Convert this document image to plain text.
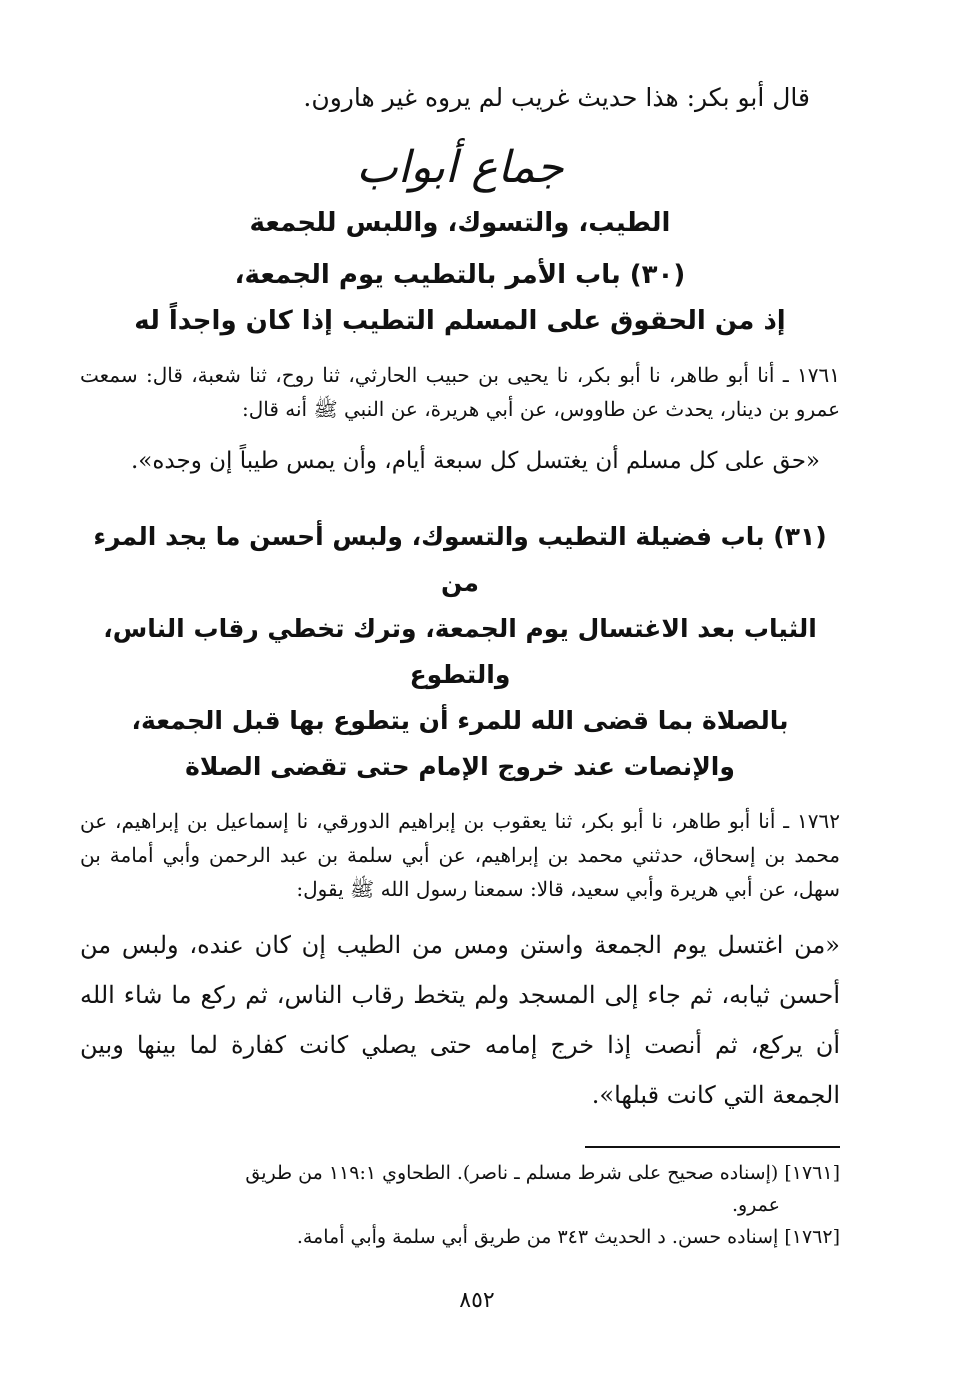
قال أبو بكر: هذا حديث غريب لم يروه غير هارون.
جماع أبواب
الطيب، والتسوك، واللبس للجمعة
(٣٠) باب الأمر بالتطيب يوم الجمعة،
إذ من الحقوق على المسلم التطيب إذا كان واجداً له
١٧٦١ ـ أنا أبو طاهر، نا أبو بكر، نا يحيى بن حبيب الحارثي، ثنا روح، ثنا شعبة، قال: سمعت عمرو بن دينار، يحدث عن طاووس، عن أبي هريرة، عن النبي ﷺ أنه قال:
«حق على كل مسلم أن يغتسل كل سبعة أيام، وأن يمس طيباً إن وجده».
(٣١) باب فضيلة التطيب والتسوك، ولبس أحسن ما يجد المرء من
الثياب بعد الاغتسال يوم الجمعة، وترك تخطي رقاب الناس، والتطوع
بالصلاة بما قضى الله للمرء أن يتطوع بها قبل الجمعة،
والإنصات عند خروج الإمام حتى تقضى الصلاة
١٧٦٢ ـ أنا أبو طاهر، نا أبو بكر، ثنا يعقوب بن إبراهيم الدورقي، نا إسماعيل بن إبراهيم، عن محمد بن إسحاق، حدثني محمد بن إبراهيم، عن أبي سلمة بن عبد الرحمن وأبي أمامة بن سهل، عن أبي هريرة وأبي سعيد، قالا: سمعنا رسول الله ﷺ يقول:
«من اغتسل يوم الجمعة واستن ومس من الطيب إن كان عنده، ولبس من أحسن ثيابه، ثم جاء إلى المسجد ولم يتخط رقاب الناس، ثم ركع ما شاء الله أن يركع، ثم أنصت إذا خرج إمامه حتى يصلي كانت كفارة لما بينها وبين الجمعة التي كانت قبلها».
[١٧٦١] (إسناده صحيح على شرط مسلم ـ ناصر). الطحاوي ١١٩:١ من طريق
عمرو.
[١٧٦٢] إسناده حسن. د الحديث ٣٤٣ من طريق أبي سلمة وأبي أمامة.
٨٥٢
